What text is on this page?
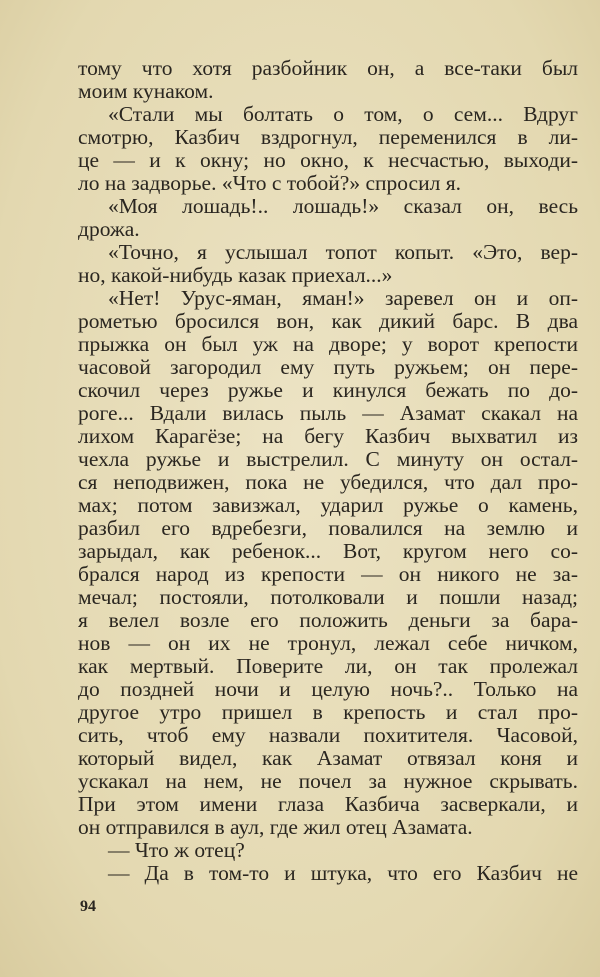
тому что хотя разбойник он, а все-таки был
моим кунаком.
«Стали мы болтать о том, о сем... Вдруг
смотрю, Казбич вздрогнул, переменился в ли-
це — и к окну; но окно, к несчастью, выходи-
ло на задворье. «Что с тобой?» спросил я.
«Моя лошадь!.. лошадь!» сказал он, весь
дрожа.
«Точно, я услышал топот копыт. «Это, вер-
но, какой-нибудь казак приехал...»
«Нет! Урус-яман, яман!» заревел он и оп-
рометью бросился вон, как дикий барс. В два
прыжка он был уж на дворе; у ворот крепости
часовой загородил ему путь ружьем; он пере-
скочил через ружье и кинулся бежать по до-
роге... Вдали вилась пыль — Азамат скакал на
лихом Карагёзе; на бегу Казбич выхватил из
чехла ружье и выстрелил. С минуту он остал-
ся неподвижен, пока не убедился, что дал про-
мах; потом завизжал, ударил ружье о камень,
разбил его вдребезги, повалился на землю и
зарыдал, как ребенок... Вот, кругом него со-
брался народ из крепости — он никого не за-
мечал; постояли, потолковали и пошли назад;
я велел возле его положить деньги за бара-
нов — он их не тронул, лежал себе ничком,
как мертвый. Поверите ли, он так пролежал
до поздней ночи и целую ночь?.. Только на
другое утро пришел в крепость и стал про-
сить, чтоб ему назвали похитителя. Часовой,
который видел, как Азамат отвязал коня и
ускакал на нем, не почел за нужное скрывать.
При этом имени глаза Казбича засверкали, и
он отправился в аул, где жил отец Азамата.
— Что ж отец?
— Да в том-то и штука, что его Казбич не
94
